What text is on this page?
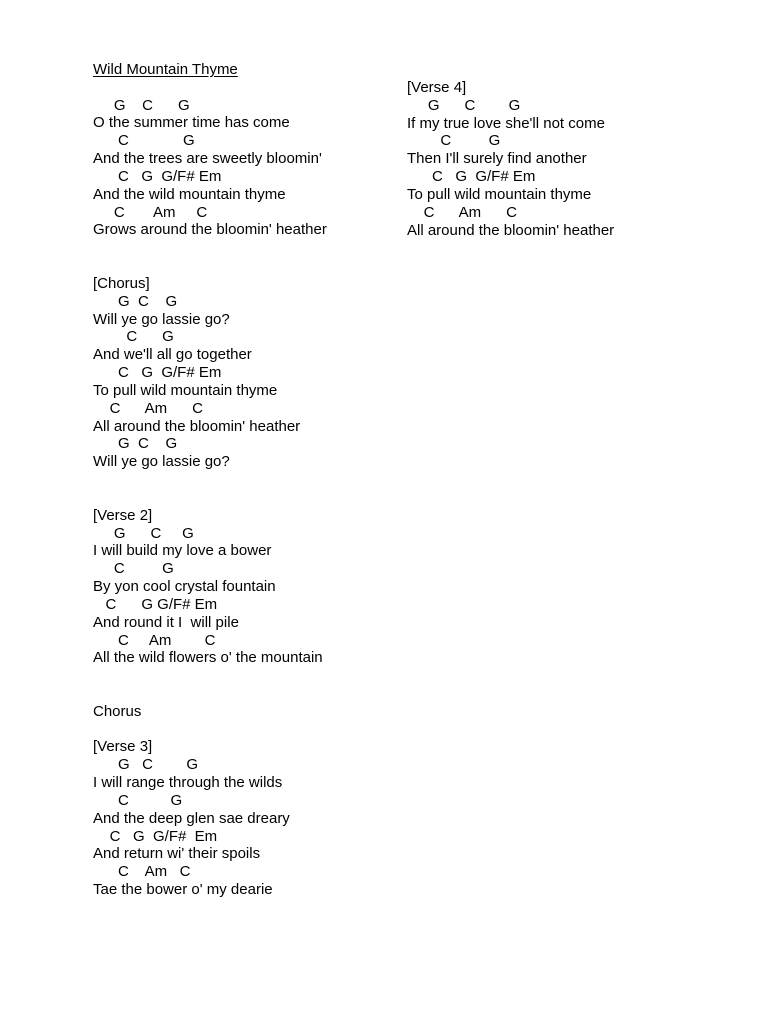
Wild Mountain Thyme
G    C      G
O the summer time has come
C             G
And the trees are sweetly bloomin'
C   G  G/F# Em
And the wild mountain thyme
C       Am     C
Grows around the bloomin' heather
[Chorus]
G  C    G
Will ye go lassie go?
C      G
And we'll all go together
C   G  G/F# Em
To pull wild mountain thyme
C      Am      C
All around the bloomin' heather
G  C    G
Will ye go lassie go?
[Verse 2]
G      C     G
I will build my love a bower
C         G
By yon cool crystal fountain
C      G G/F# Em
And round it I  will pile
C     Am        C
All the wild flowers o' the mountain
Chorus
[Verse 3]
G   C        G
I will range through the wilds
C          G
And the deep glen sae dreary
C   G  G/F#  Em
And return wi' their spoils
C    Am   C
Tae the bower o' my dearie
[Verse 4]
G      C        G
If my true love she'll not come
C         G
Then I'll surely find another
C   G  G/F# Em
To pull wild mountain thyme
C      Am      C
All around the bloomin' heather
